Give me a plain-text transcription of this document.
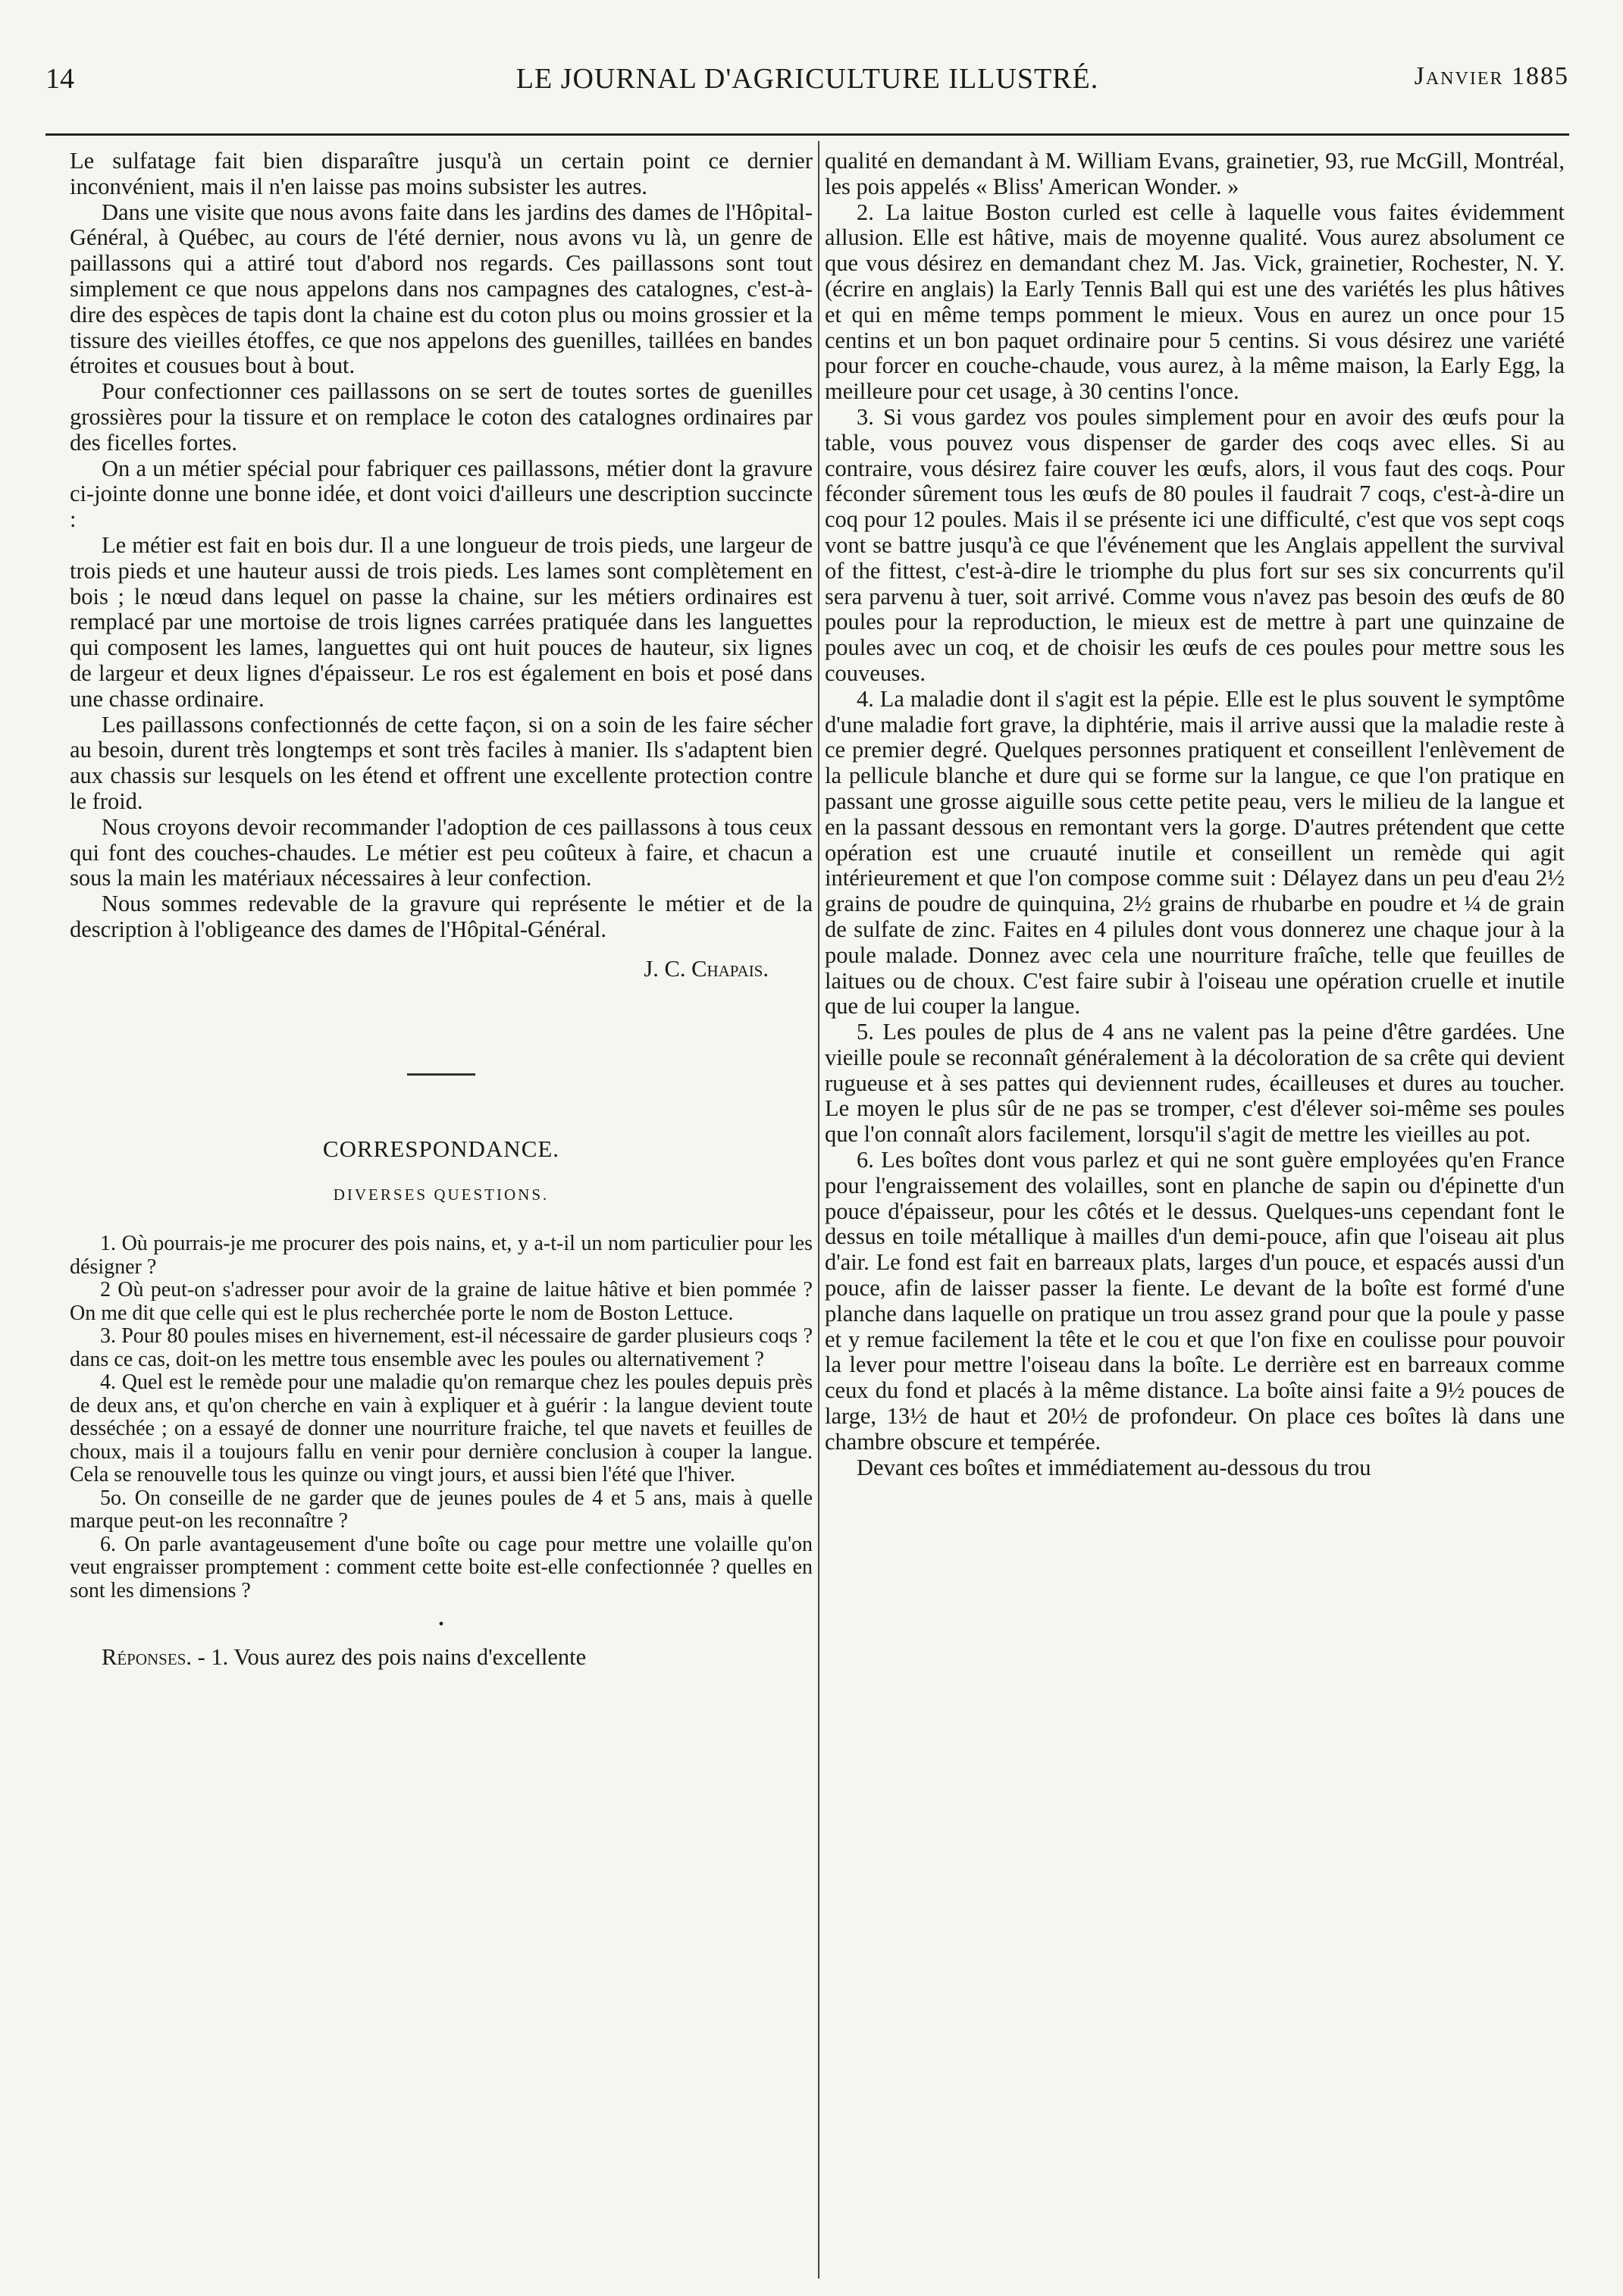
14	LE JOURNAL D'AGRICULTURE ILLUSTRÉ.	Janvier 1885

Le sulfatage fait bien disparaître jusqu'à un certain point ce dernier inconvénient, mais il n'en laisse pas moins subsister les autres.

Dans une visite que nous avons faite dans les jardins des dames de l'Hôpital-Général, à Québec, au cours de l'été dernier, nous avons vu là, un genre de paillassons qui a attiré tout d'abord nos regards. Ces paillassons sont tout simplement ce que nous appelons dans nos campagnes des catalognes, c'est-à-dire des espèces de tapis dont la chaine est du coton plus ou moins grossier et la tissure des vieilles étoffes, ce que nos appelons des guenilles, taillées en bandes étroites et cousues bout à bout.

Pour confectionner ces paillassons on se sert de toutes sortes de guenilles grossières pour la tissure et on remplace le coton des catalognes ordinaires par des ficelles fortes.

On a un métier spécial pour fabriquer ces paillassons, métier dont la gravure ci-jointe donne une bonne idée, et dont voici d'ailleurs une description succincte :

Le métier est fait en bois dur. Il a une longueur de trois pieds, une largeur de trois pieds et une hauteur aussi de trois pieds. Les lames sont complètement en bois ; le nœud dans lequel on passe la chaine, sur les métiers ordinaires est remplacé par une mortoise de trois lignes carrées pratiquée dans les languettes qui composent les lames, languettes qui ont huit pouces de hauteur, six lignes de largeur et deux lignes d'épaisseur. Le ros est également en bois et posé dans une chasse ordinaire.

Les paillassons confectionnés de cette façon, si on a soin de les faire sécher au besoin, durent très longtemps et sont très faciles à manier. Ils s'adaptent bien aux chassis sur lesquels on les étend et offrent une excellente protection contre le froid.

Nous croyons devoir recommander l'adoption de ces paillassons à tous ceux qui font des couches-chaudes. Le métier est peu coûteux à faire, et chacun a sous la main les matériaux nécessaires à leur confection.

Nous sommes redevable de la gravure qui représente le métier et de la description à l'obligeance des dames de l'Hôpital-Général.

J. C. Chapais.
CORRESPONDANCE.
DIVERSES QUESTIONS.

1. Où pourrais-je me procurer des pois nains, et, y a-t-il un nom particulier pour les désigner ?

2 Où peut-on s'adresser pour avoir de la graine de laitue hâtive et bien pommée ? On me dit que celle qui est le plus recherchée porte le nom de Boston Lettuce.

3. Pour 80 poules mises en hivernement, est-il nécessaire de garder plusieurs coqs ? dans ce cas, doit-on les mettre tous ensemble avec les poules ou alternativement ?

4. Quel est le remède pour une maladie qu'on remarque chez les poules depuis près de deux ans, et qu'on cherche en vain à expliquer et à guérir : la langue devient toute desséchée ; on a essayé de donner une nourriture fraiche, tel que navets et feuilles de choux, mais il a toujours fallu en venir pour dernière conclusion à couper la langue. Cela se renouvelle tous les quinze ou vingt jours, et aussi bien l'été que l'hiver.

5o. On conseille de ne garder que de jeunes poules de 4 et 5 ans, mais à quelle marque peut-on les reconnaître ?

6. On parle avantageusement d'une boîte ou cage pour mettre une volaille qu'on veut engraisser promptement : comment cette boite est-elle confectionnée ? quelles en sont les dimensions ?

•

Réponses. - 1. Vous aurez des pois nains d'excellente

qualité en demandant à M. William Evans, grainetier, 93, rue McGill, Montréal, les pois appelés « Bliss' American Wonder. »

2. La laitue Boston curled est celle à laquelle vous faites évidemment allusion. Elle est hâtive, mais de moyenne qualité. Vous aurez absolument ce que vous désirez en demandant chez M. Jas. Vick, grainetier, Rochester, N. Y. (écrire en anglais) la Early Tennis Ball qui est une des variétés les plus hâtives et qui en même temps pomment le mieux. Vous en aurez un once pour 15 centins et un bon paquet ordinaire pour 5 centins. Si vous désirez une variété pour forcer en couche-chaude, vous aurez, à la même maison, la Early Egg, la meilleure pour cet usage, à 30 centins l'once.

3. Si vous gardez vos poules simplement pour en avoir des œufs pour la table, vous pouvez vous dispenser de garder des coqs avec elles. Si au contraire, vous désirez faire couver les œufs, alors, il vous faut des coqs. Pour féconder sûrement tous les œufs de 80 poules il faudrait 7 coqs, c'est-à-dire un coq pour 12 poules. Mais il se présente ici une difficulté, c'est que vos sept coqs vont se battre jusqu'à ce que l'événement que les Anglais appellent the survival of the fittest, c'est-à-dire le triomphe du plus fort sur ses six concurrents qu'il sera parvenu à tuer, soit arrivé. Comme vous n'avez pas besoin des œufs de 80 poules pour la reproduction, le mieux est de mettre à part une quinzaine de poules avec un coq, et de choisir les œufs de ces poules pour mettre sous les couveuses.

4. La maladie dont il s'agit est la pépie. Elle est le plus souvent le symptôme d'une maladie fort grave, la diphtérie, mais il arrive aussi que la maladie reste à ce premier degré. Quelques personnes pratiquent et conseillent l'enlèvement de la pellicule blanche et dure qui se forme sur la langue, ce que l'on pratique en passant une grosse aiguille sous cette petite peau, vers le milieu de la langue et en la passant dessous en remontant vers la gorge. D'autres prétendent que cette opération est une cruauté inutile et conseillent un remède qui agit intérieurement et que l'on compose comme suit : Délayez dans un peu d'eau 2½ grains de poudre de quinquina, 2½ grains de rhubarbe en poudre et ¼ de grain de sulfate de zinc. Faites en 4 pilules dont vous donnerez une chaque jour à la poule malade. Donnez avec cela une nourriture fraîche, telle que feuilles de laitues ou de choux. C'est faire subir à l'oiseau une opération cruelle et inutile que de lui couper la langue.

5. Les poules de plus de 4 ans ne valent pas la peine d'être gardées. Une vieille poule se reconnaît généralement à la décoloration de sa crête qui devient rugueuse et à ses pattes qui deviennent rudes, écailleuses et dures au toucher. Le moyen le plus sûr de ne pas se tromper, c'est d'élever soi-même ses poules que l'on connaît alors facilement, lorsqu'il s'agit de mettre les vieilles au pot.

6. Les boîtes dont vous parlez et qui ne sont guère employées qu'en France pour l'engraissement des volailles, sont en planche de sapin ou d'épinette d'un pouce d'épaisseur, pour les côtés et le dessus. Quelques-uns cependant font le dessus en toile métallique à mailles d'un demi-pouce, afin que l'oiseau ait plus d'air. Le fond est fait en barreaux plats, larges d'un pouce, et espacés aussi d'un pouce, afin de laisser passer la fiente. Le devant de la boîte est formé d'une planche dans laquelle on pratique un trou assez grand pour que la poule y passe et y remue facilement la tête et le cou et que l'on fixe en coulisse pour pouvoir la lever pour mettre l'oiseau dans la boîte. Le derrière est en barreaux comme ceux du fond et placés à la même distance. La boîte ainsi faite a 9½ pouces de large, 13½ de haut et 20½ de profondeur. On place ces boîtes là dans une chambre obscure et tempérée.

Devant ces boîtes et immédiatement au-dessous du trou
